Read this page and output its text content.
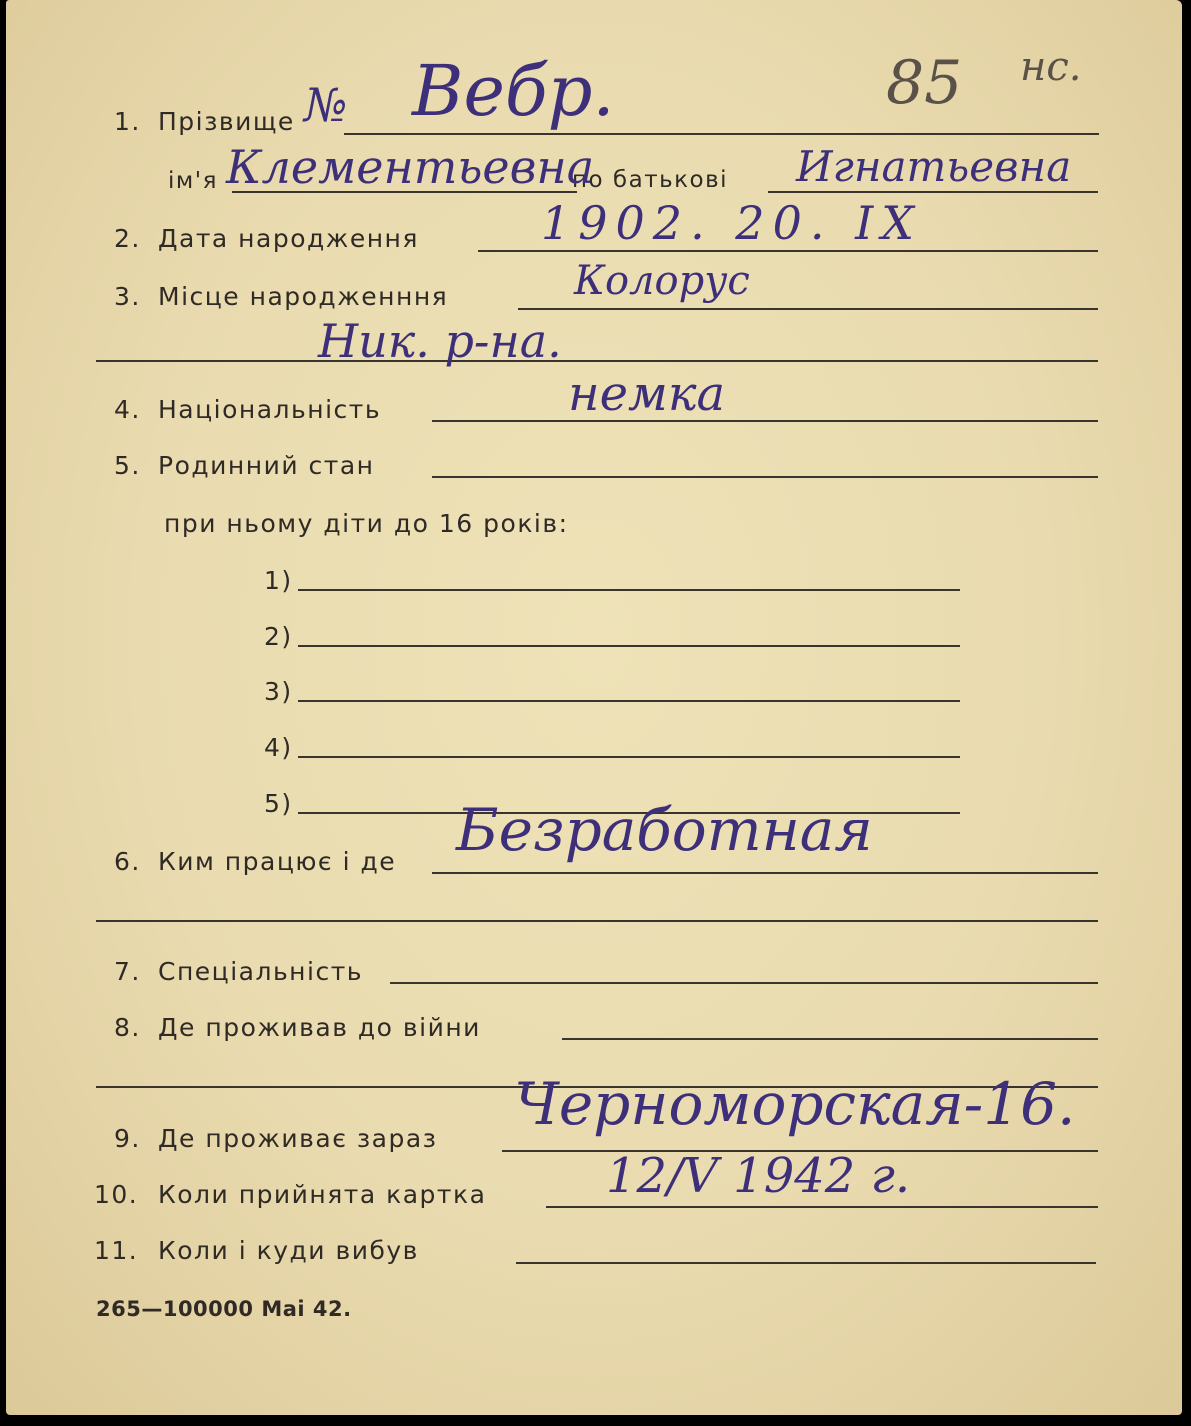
1. Прізвище
ім'я	по батькові
2. Дата народження
3. Місце народженння
4. Національність
5. Родинний стан
при ньому діти до 16 років:
1)
2)
3)
4)
5)
6. Ким працює і де
7. Спеціальність
8. Де проживав до війни
9. Де проживає зараз
10. Коли прийнята картка
11. Коли і куди вибув
265—100000 Mai 42.
85 нс.
№ Вебр.
Клементьевна	Игнатьевна
1902. 20. IX
Колорус
Ник. р-на.
немка
Безработная
Черноморская-16.
12/V 1942 г.
